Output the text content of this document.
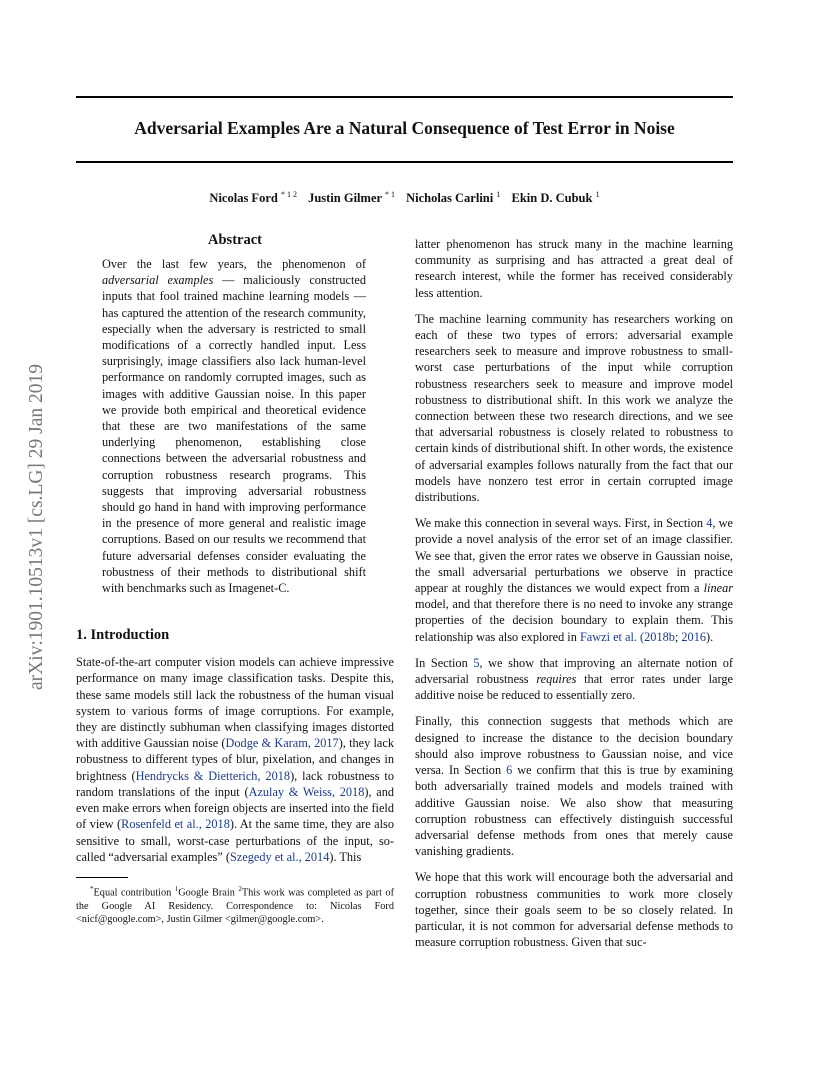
Adversarial Examples Are a Natural Consequence of Test Error in Noise
Nicolas Ford $^{* 1 2}$ Justin Gilmer $^{* 1}$ Nicholas Carlini $^1$ Ekin D. Cubuk $^1$
arXiv:1901.10513v1 [cs.LG] 29 Jan 2019
Abstract

Over the last few years, the phenomenon of adversarial examples — maliciously constructed inputs that fool trained machine learning models — has captured the attention of the research community, especially when the adversary is restricted to small modifications of a correctly handled input. Less surprisingly, image classifiers also lack human-level performance on randomly corrupted images, such as images with additive Gaussian noise. In this paper we provide both empirical and theoretical evidence that these are two manifestations of the same underlying phenomenon, establishing close connections between the adversarial robustness and corruption robustness research programs. This suggests that improving adversarial robustness should go hand in hand with improving performance in the presence of more general and realistic image corruptions. Based on our results we recommend that future adversarial defenses consider evaluating the robustness of their methods to distributional shift with benchmarks such as Imagenet-C.

1. Introduction

State-of-the-art computer vision models can achieve impressive performance on many image classification tasks. Despite this, these same models still lack the robustness of the human visual system to various forms of image corruptions. For example, they are distinctly subhuman when classifying images distorted with additive Gaussian noise (Dodge & Karam, 2017), they lack robustness to different types of blur, pixelation, and changes in brightness (Hendrycks & Dietterich, 2018), lack robustness to random translations of the input (Azulay & Weiss, 2018), and even make errors when foreign objects are inserted into the field of view (Rosenfeld et al., 2018). At the same time, they are also sensitive to small, worst-case perturbations of the input, so-called “adversarial examples” (Szegedy et al., 2014). This

*Equal contribution $^1$Google Brain $^2$This work was completed as part of the Google AI Residency. Correspondence to: Nicolas Ford <nicf@google.com>, Justin Gilmer <gilmer@google.com>.

latter phenomenon has struck many in the machine learning community as surprising and has attracted a great deal of research interest, while the former has received considerably less attention.

The machine learning community has researchers working on each of these two types of errors: adversarial example researchers seek to measure and improve robustness to small-worst case perturbations of the input while corruption robustness researchers seek to measure and improve model robustness to distributional shift. In this work we analyze the connection between these two research directions, and we see that adversarial robustness is closely related to robustness to certain kinds of distributional shift. In other words, the existence of adversarial examples follows naturally from the fact that our models have nonzero test error in certain corrupted image distributions.

We make this connection in several ways. First, in Section 4, we provide a novel analysis of the error set of an image classifier. We see that, given the error rates we observe in Gaussian noise, the small adversarial perturbations we observe in practice appear at roughly the distances we would expect from a linear model, and that therefore there is no need to invoke any strange properties of the decision boundary to explain them. This relationship was also explored in Fawzi et al. (2018b; 2016).

In Section 5, we show that improving an alternate notion of adversarial robustness requires that error rates under large additive noise be reduced to essentially zero.

Finally, this connection suggests that methods which are designed to increase the distance to the decision boundary should also improve robustness to Gaussian noise, and vice versa. In Section 6 we confirm that this is true by examining both adversarially trained models and models trained with additive Gaussian noise. We also show that measuring corruption robustness can effectively distinguish successful adversarial defense methods from ones that merely cause vanishing gradients.

We hope that this work will encourage both the adversarial and corruption robustness communities to work more closely together, since their goals seem to be so closely related. In particular, it is not common for adversarial defense methods to measure corruption robustness. Given that suc-
